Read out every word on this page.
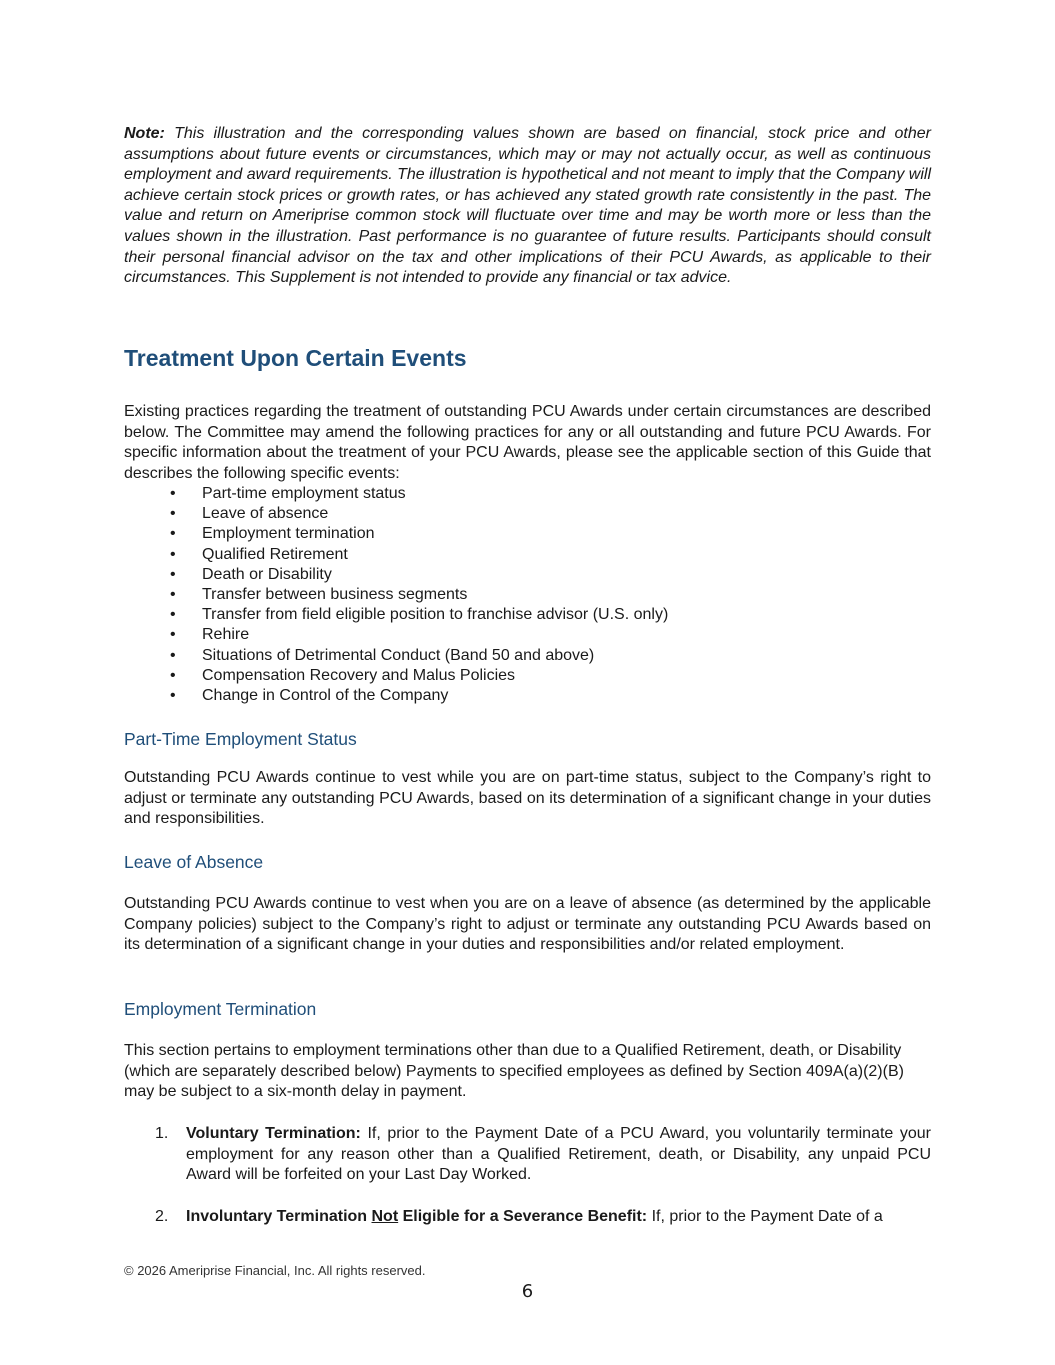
Note: This illustration and the corresponding values shown are based on financial, stock price and other assumptions about future events or circumstances, which may or may not actually occur, as well as continuous employment and award requirements. The illustration is hypothetical and not meant to imply that the Company will achieve certain stock prices or growth rates, or has achieved any stated growth rate consistently in the past. The value and return on Ameriprise common stock will fluctuate over time and may be worth more or less than the values shown in the illustration. Past performance is no guarantee of future results. Participants should consult their personal financial advisor on the tax and other implications of their PCU Awards, as applicable to their circumstances. This Supplement is not intended to provide any financial or tax advice.

Treatment Upon Certain Events

Existing practices regarding the treatment of outstanding PCU Awards under certain circumstances are described below. The Committee may amend the following practices for any or all outstanding and future PCU Awards. For specific information about the treatment of your PCU Awards, please see the applicable section of this Guide that describes the following specific events:

• Part-time employment status
• Leave of absence
• Employment termination
• Qualified Retirement
• Death or Disability
• Transfer between business segments
• Transfer from field eligible position to franchise advisor (U.S. only)
• Rehire
• Situations of Detrimental Conduct (Band 50 and above)
• Compensation Recovery and Malus Policies
• Change in Control of the Company
Part-Time Employment Status

Outstanding PCU Awards continue to vest while you are on part-time status, subject to the Company’s right to adjust or terminate any outstanding PCU Awards, based on its determination of a significant change in your duties and responsibilities.

Leave of Absence

Outstanding PCU Awards continue to vest when you are on a leave of absence (as determined by the applicable Company policies) subject to the Company’s right to adjust or terminate any outstanding PCU Awards based on its determination of a significant change in your duties and responsibilities and/or related employment.

Employment Termination

This section pertains to employment terminations other than due to a Qualified Retirement, death, or Disability (which are separately described below) Payments to specified employees as defined by Section 409A(a)(2)(B) may be subject to a six-month delay in payment.

1. Voluntary Termination: If, prior to the Payment Date of a PCU Award, you voluntarily terminate your employment for any reason other than a Qualified Retirement, death, or Disability, any unpaid PCU Award will be forfeited on your Last Day Worked.
2. Involuntary Termination Not Eligible for a Severance Benefit: If, prior to the Payment Date of a
© 2026 Ameriprise Financial, Inc. All rights reserved.
6
